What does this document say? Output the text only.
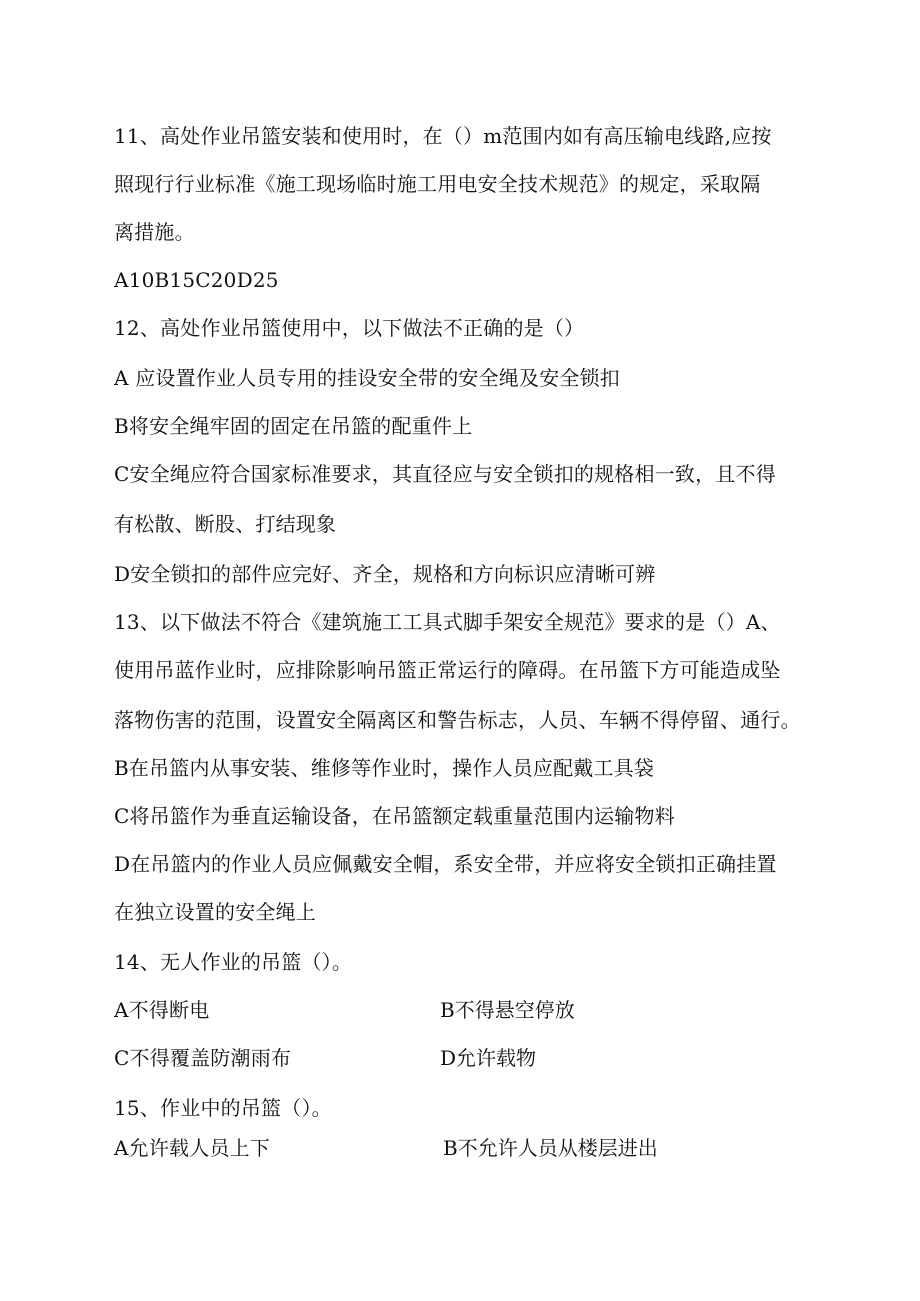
11、高处作业吊篮安装和使用时，在（）m范围内如有高压输电线路,应按
照现行行业标准《施工现场临时施工用电安全技术规范》的规定，采取隔
离措施。
A10B15C20D25
12、高处作业吊篮使用中，以下做法不正确的是（）
A 应设置作业人员专用的挂设安全带的安全绳及安全锁扣
B将安全绳牢固的固定在吊篮的配重件上
C安全绳应符合国家标准要求，其直径应与安全锁扣的规格相一致，且不得
有松散、断股、打结现象
D安全锁扣的部件应完好、齐全，规格和方向标识应清晰可辨
13、以下做法不符合《建筑施工工具式脚手架安全规范》要求的是（）A、
使用吊蓝作业时，应排除影响吊篮正常运行的障碍。在吊篮下方可能造成坠
落物伤害的范围，设置安全隔离区和警告标志，人员、车辆不得停留、通行。
B在吊篮内从事安装、维修等作业时，操作人员应配戴工具袋
C将吊篮作为垂直运输设备，在吊篮额定载重量范围内运输物料
D在吊篮内的作业人员应佩戴安全帽，系安全带，并应将安全锁扣正确挂置
在独立设置的安全绳上
14、无人作业的吊篮（）。
A不得断电	B不得悬空停放
C不得覆盖防潮雨布	D允许载物
15、作业中的吊篮（）。
A允许载人员上下	B不允许人员从楼层进出
